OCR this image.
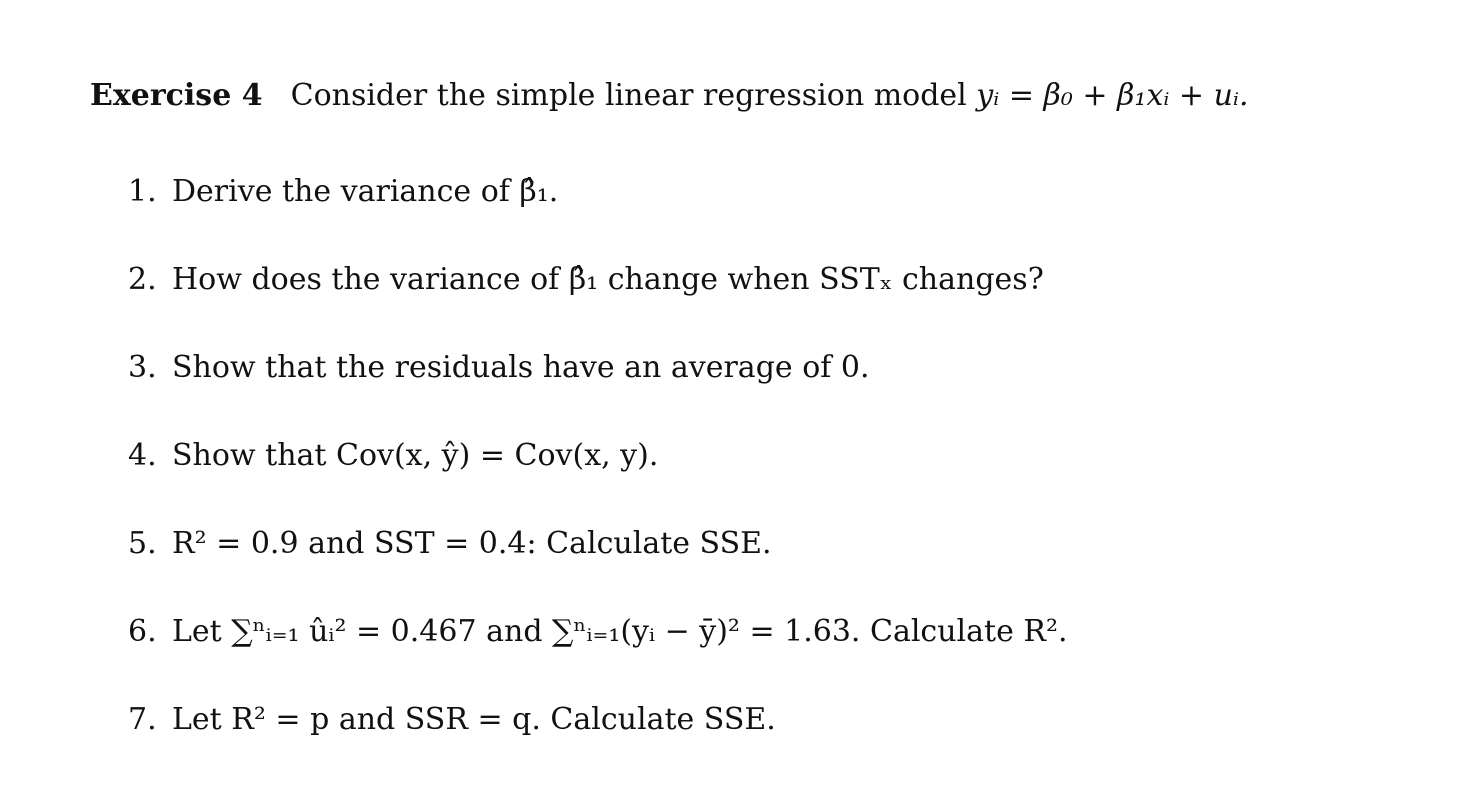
Exercise 4 Consider the simple linear regression model yᵢ = β₀ + β₁xᵢ + uᵢ.
1. Derive the variance of β̂₁.
2. How does the variance of β̂₁ change when SSTₓ changes?
3. Show that the residuals have an average of 0.
4. Show that Cov(x, ŷ) = Cov(x, y).
5. R² = 0.9 and SST = 0.4: Calculate SSE.
6. Let ∑ⁿᵢ₌₁ ûᵢ² = 0.467 and ∑ⁿᵢ₌₁(yᵢ − ȳ)² = 1.63. Calculate R².
7. Let R² = p and SSR = q. Calculate SSE.
